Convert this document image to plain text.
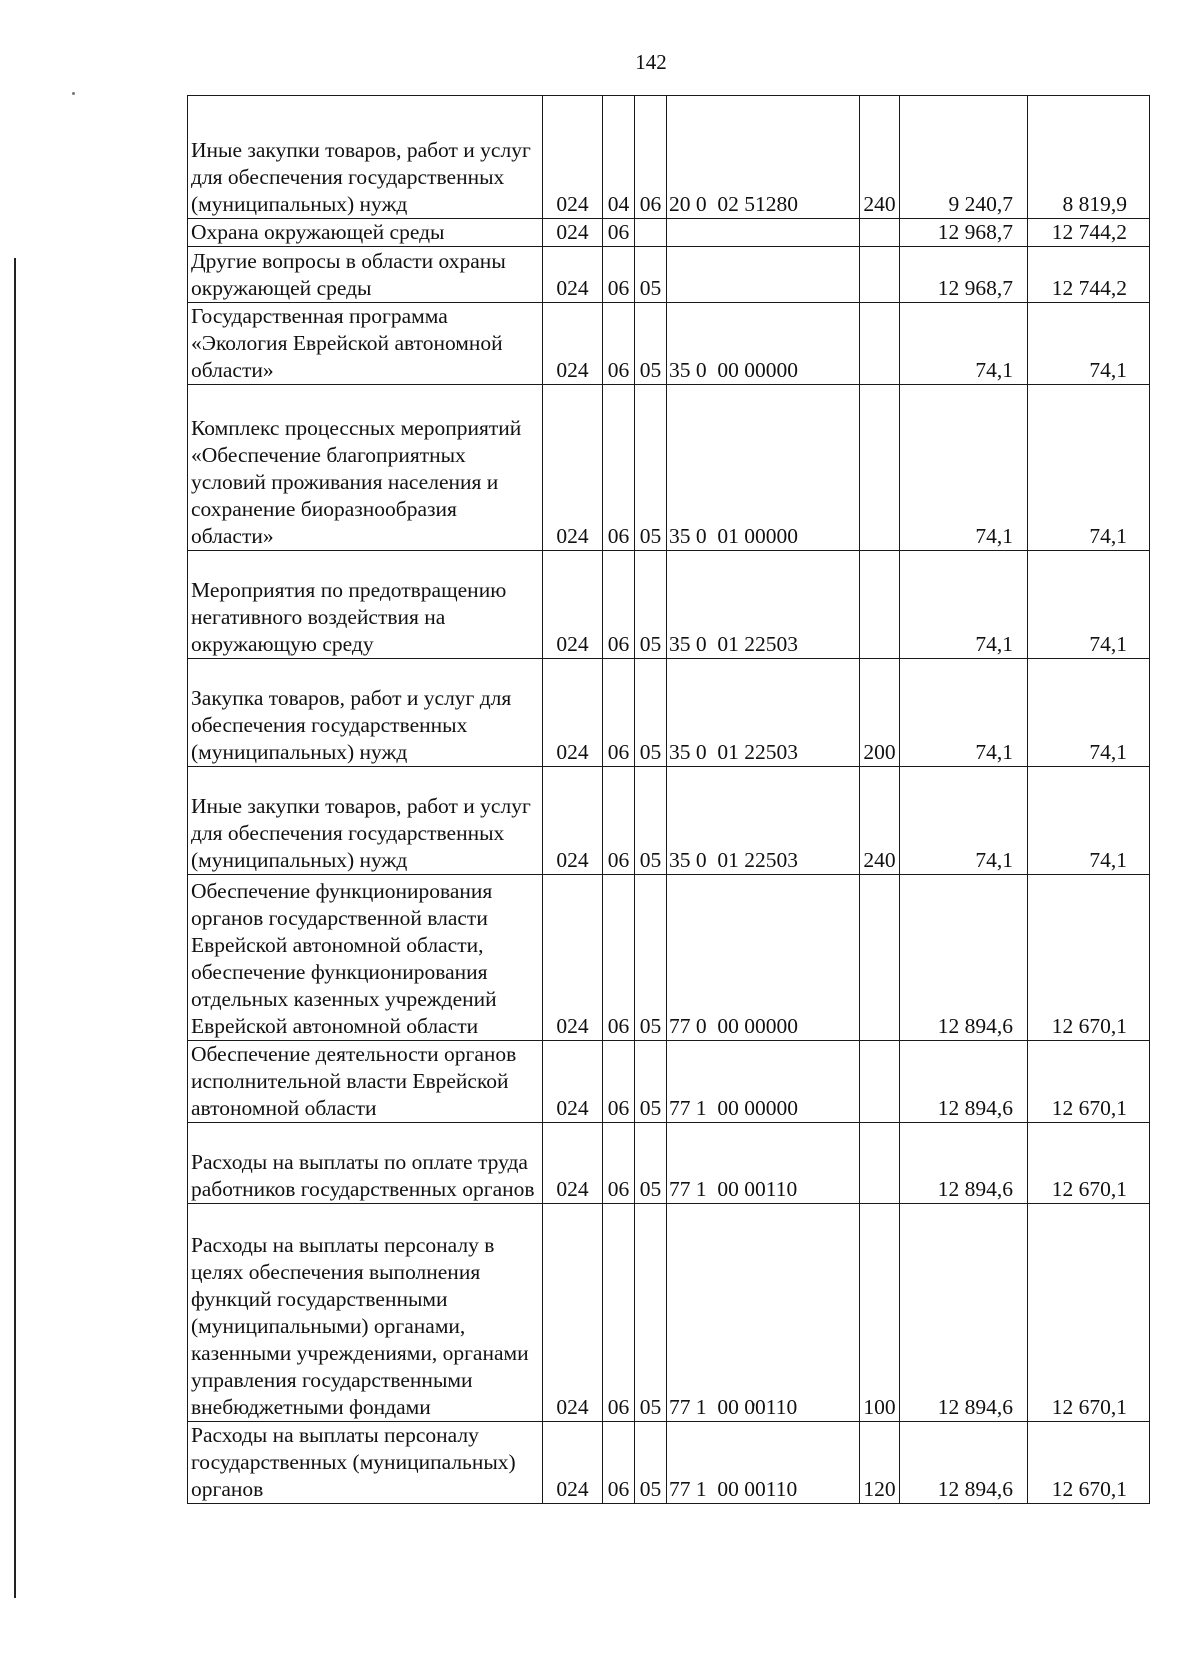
142
Иные закупки товаров, работ и услуг для обеспечения государственных (муниципальных) нужд	024	04	06	20 0  02 51280	240	9 240,7	8 819,9
Охрана окружающей среды	024	06				12 968,7	12 744,2
Другие вопросы в области охраны окружающей среды	024	06	05			12 968,7	12 744,2
Государственная программа «Экология Еврейской автономной области»	024	06	05	35 0  00 00000		74,1	74,1
Комплекс процессных мероприятий «Обеспечение благоприятных условий проживания населения и сохранение биоразнообразия области»	024	06	05	35 0  01 00000		74,1	74,1
Мероприятия по предотвращению негативного воздействия на окружающую среду	024	06	05	35 0  01 22503		74,1	74,1
Закупка товаров, работ и услуг для обеспечения государственных (муниципальных) нужд	024	06	05	35 0  01 22503	200	74,1	74,1
Иные закупки товаров, работ и услуг для обеспечения государственных (муниципальных) нужд	024	06	05	35 0  01 22503	240	74,1	74,1
Обеспечение функционирования органов государственной власти Еврейской автономной области, обеспечение функционирования отдельных казенных учреждений Еврейской автономной области	024	06	05	77 0  00 00000		12 894,6	12 670,1
Обеспечение деятельности органов исполнительной власти Еврейской автономной области	024	06	05	77 1  00 00000		12 894,6	12 670,1
Расходы на выплаты по оплате труда работников государственных органов	024	06	05	77 1  00 00110		12 894,6	12 670,1
Расходы на выплаты персоналу в целях обеспечения выполнения функций государственными (муниципальными) органами, казенными учреждениями, органами управления государственными внебюджетными фондами	024	06	05	77 1  00 00110	100	12 894,6	12 670,1
Расходы на выплаты персоналу государственных (муниципальных) органов	024	06	05	77 1  00 00110	120	12 894,6	12 670,1
